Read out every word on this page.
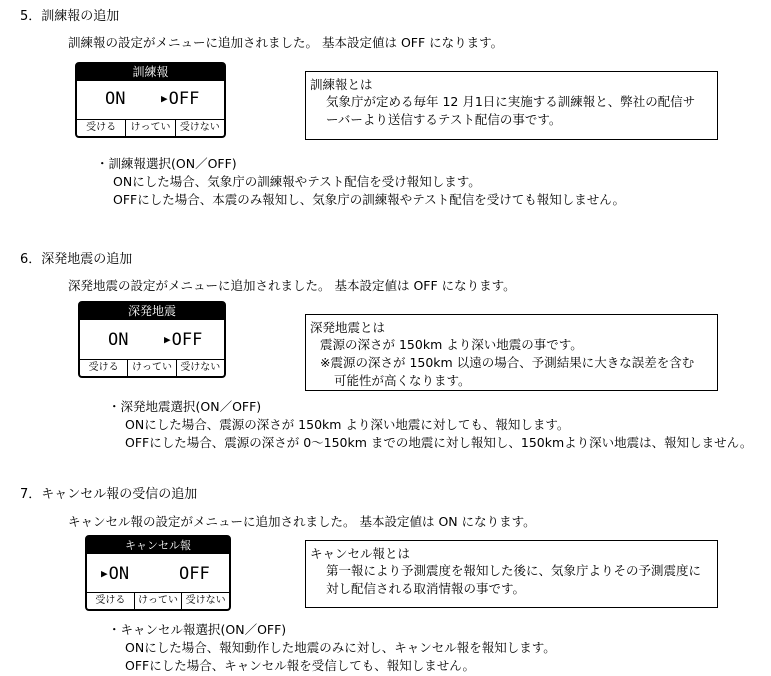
5．訓練報の追加
訓練報の設定がメニューに追加されました。 基本設定値は OFF になります。
訓練報
ON	▶OFF
受ける	けってい 受けない
訓練報とは
気象庁が定める毎年 12 月1日に実施する訓練報と、弊社の配信サ
ーバーより送信するテスト配信の事です。
・訓練報選択(ON／OFF)
ONにした場合、気象庁の訓練報やテスト配信を受け報知します。
OFFにした場合、本震のみ報知し、気象庁の訓練報やテスト配信を受けても報知しません。
6．深発地震の追加
深発地震の設定がメニューに追加されました。 基本設定値は OFF になります。
深発地震
ON	▶OFF
受ける	けってい 受けない
深発地震とは
震源の深さが 150km より深い地震の事です。
※震源の深さが 150km 以遠の場合、予測結果に大きな誤差を含む
可能性が高くなります。
・深発地震選択(ON／OFF)
ONにした場合、震源の深さが 150km より深い地震に対しても、報知します。
OFFにした場合、震源の深さが 0～150km までの地震に対し報知し、150kmより深い地震は、報知しません。
7．キャンセル報の受信の追加
キャンセル報の設定がメニューに追加されました。 基本設定値は ON になります。
キャンセル報
▶ON	OFF
受ける	けってい 受けない
キャンセル報とは
第一報により予測震度を報知した後に、気象庁よりその予測震度に
対し配信される取消情報の事です。
・キャンセル報選択(ON／OFF)
ONにした場合、報知動作した地震のみに対し、キャンセル報を報知します。
OFFにした場合、キャンセル報を受信しても、報知しません。
